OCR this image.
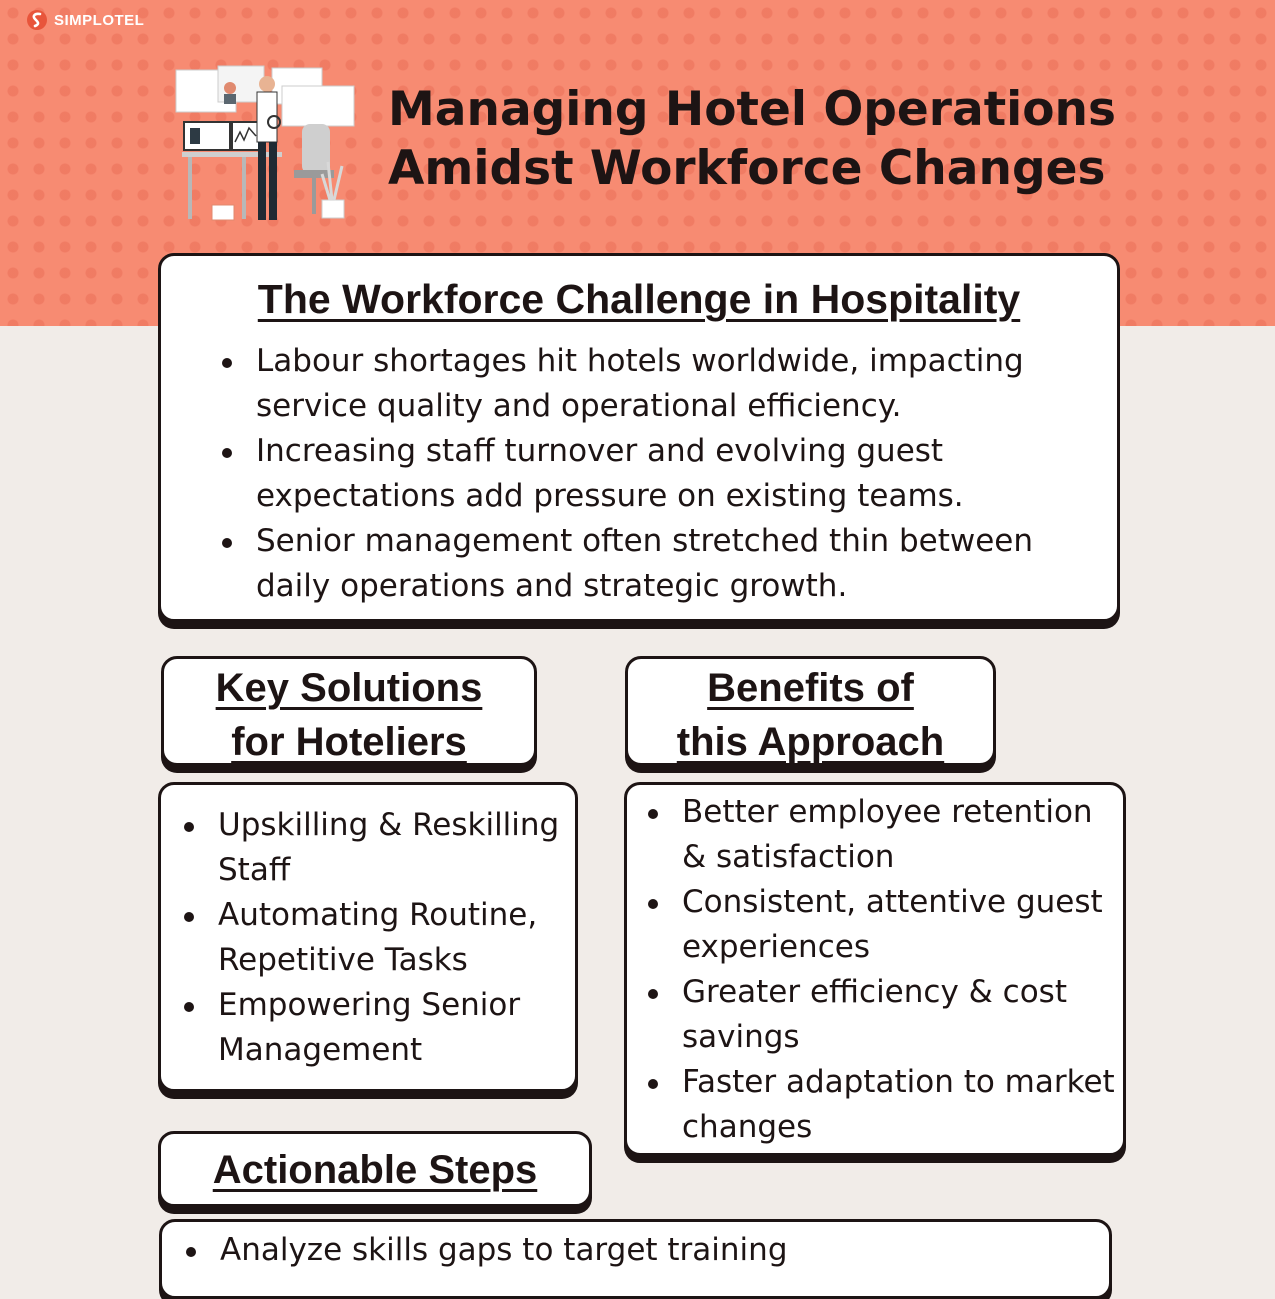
SIMPLOTEL
Managing Hotel Operations
Amidst Workforce Changes
The Workforce Challenge in Hospitality
Labour shortages hit hotels worldwide, impacting service quality and operational efficiency.
Increasing staff turnover and evolving guest expectations add pressure on existing teams.
Senior management often stretched thin between daily operations and strategic growth.
Key Solutions
for Hoteliers
Benefits of
this Approach
Upskilling & Reskilling Staff
Automating Routine, Repetitive Tasks
Empowering Senior Management
Better employee retention & satisfaction
Consistent, attentive guest experiences
Greater efficiency & cost savings
Faster adaptation to market changes
Actionable Steps
Analyze skills gaps to target training
